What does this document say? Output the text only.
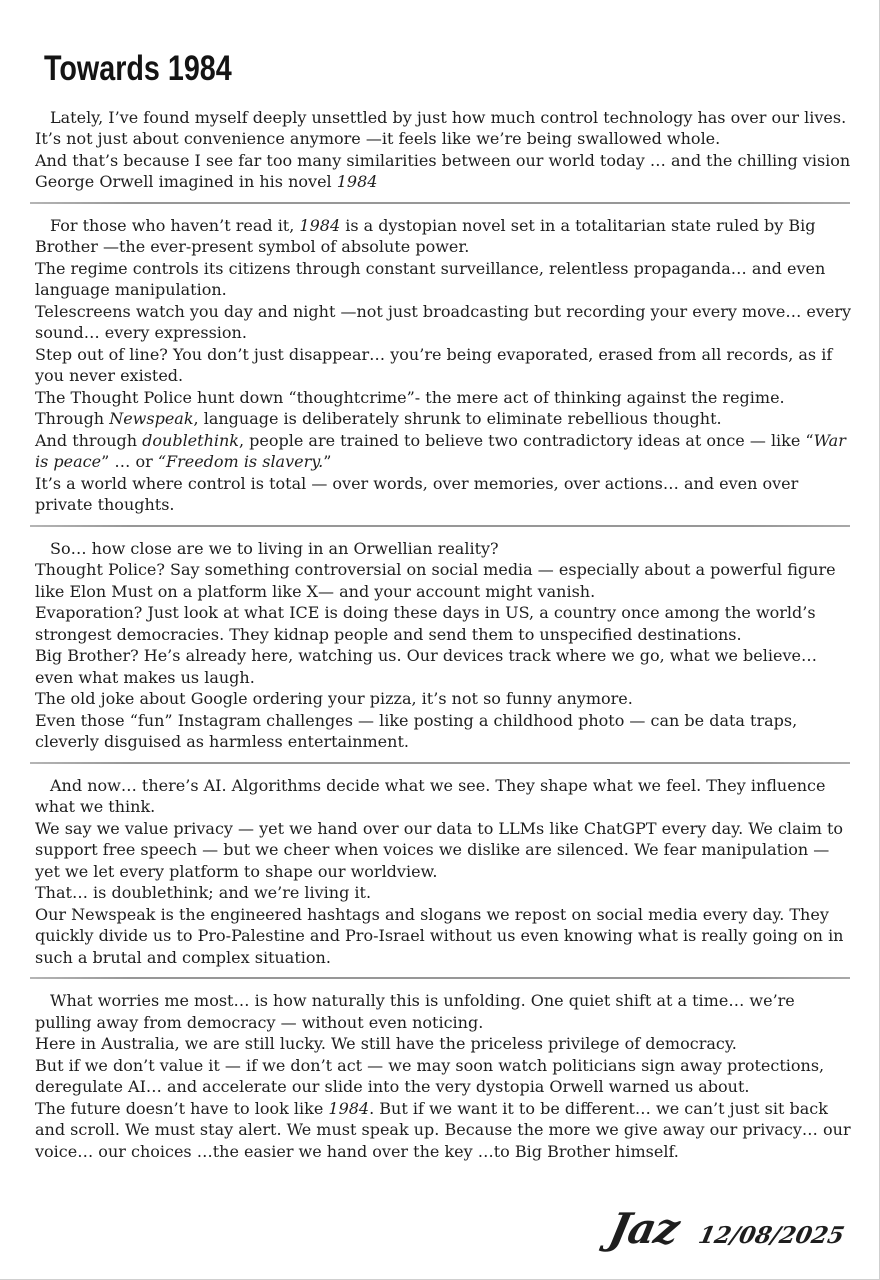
Towards 1984

Lately, I’ve found myself deeply unsettled by just how much control technology has over our lives.

It’s not just about convenience anymore —it feels like we’re being swallowed whole.

And that’s because I see far too many similarities between our world today … and the chilling vision George Orwell imagined in his novel 1984

For those who haven’t read it, 1984 is a dystopian novel set in a totalitarian state ruled by Big Brother —the ever-present symbol of absolute power.

The regime controls its citizens through constant surveillance, relentless propaganda… and even language manipulation.

Telescreens watch you day and night —not just broadcasting but recording your every move… every sound… every expression.

Step out of line? You don’t just disappear… you’re being evaporated, erased from all records, as if you never existed.

The Thought Police hunt down “thoughtcrime”- the mere act of thinking against the regime.

Through Newspeak, language is deliberately shrunk to eliminate rebellious thought.

And through doublethink, people are trained to believe two contradictory ideas at once — like “War is peace” … or “Freedom is slavery.”

It’s a world where control is total — over words, over memories, over actions… and even over private thoughts.

So… how close are we to living in an Orwellian reality?

Thought Police? Say something controversial on social media — especially about a powerful figure like Elon Must on a platform like X— and your account might vanish.

Evaporation? Just look at what ICE is doing these days in US, a country once among the world’s strongest democracies. They kidnap people and send them to unspecified destinations.

Big Brother? He’s already here, watching us. Our devices track where we go, what we believe… even what makes us laugh.

The old joke about Google ordering your pizza, it’s not so funny anymore.

Even those “fun” Instagram challenges — like posting a childhood photo — can be data traps, cleverly disguised as harmless entertainment.

And now… there’s AI. Algorithms decide what we see. They shape what we feel. They influence what we think.

We say we value privacy — yet we hand over our data to LLMs like ChatGPT every day. We claim to support free speech — but we cheer when voices we dislike are silenced. We fear manipulation — yet we let every platform to shape our worldview.

That… is doublethink; and we’re living it.

Our Newspeak is the engineered hashtags and slogans we repost on social media every day. They quickly divide us to Pro-Palestine and Pro-Israel without us even knowing what is really going on in such a brutal and complex situation.

What worries me most… is how naturally this is unfolding. One quiet shift at a time… we’re pulling away from democracy — without even noticing.

Here in Australia, we are still lucky. We still have the priceless privilege of democracy.

But if we don’t value it — if we don’t act — we may soon watch politicians sign away protections, deregulate AI… and accelerate our slide into the very dystopia Orwell warned us about.

The future doesn’t have to look like 1984. But if we want it to be different… we can’t just sit back and scroll. We must stay alert. We must speak up. Because the more we give away our privacy… our voice… our choices …the easier we hand over the key …to Big Brother himself.

Jaz 12/08/2025
